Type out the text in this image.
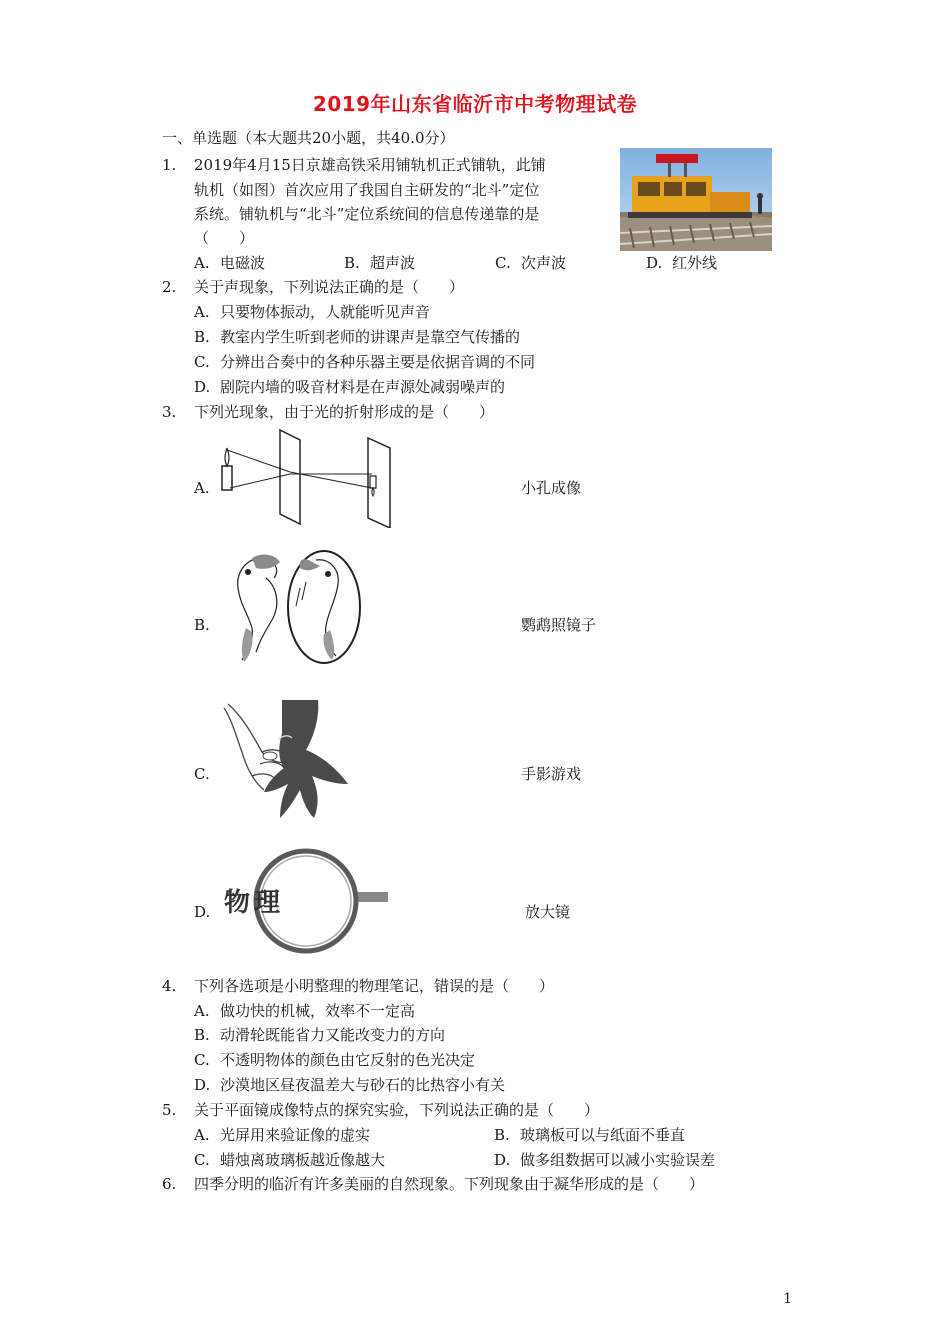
2019年山东省临沂市中考物理试卷
一、单选题（本大题共20小题，共40.0分）
1. 2019年4月15日京雄高铁采用铺轨机正式铺轨，此铺
轨机（如图）首次应用了我国自主研发的“北斗”定位
系统。铺轨机与“北斗”定位系统间的信息传递靠的是
（　　）
A. 电磁波	B. 超声波	C. 次声波	D. 红外线
2. 关于声现象，下列说法正确的是（　　）
A. 只要物体振动，人就能听见声音
B. 教室内学生听到老师的讲课声是靠空气传播的
C. 分辨出合奏中的各种乐器主要是依据音调的不同
D. 剧院内墙的吸音材料是在声源处减弱噪声的
3. 下列光现象，由于光的折射形成的是（　　）
A.	小孔成像
B.	鹦鹉照镜子
C.	手影游戏
D. 物理	放大镜
4. 下列各选项是小明整理的物理笔记，错误的是（　　）
A. 做功快的机械，效率不一定高
B. 动滑轮既能省力又能改变力的方向
C. 不透明物体的颜色由它反射的色光决定
D. 沙漠地区昼夜温差大与砂石的比热容小有关
5. 关于平面镜成像特点的探究实验，下列说法正确的是（　　）
A. 光屏用来验证像的虚实	B. 玻璃板可以与纸面不垂直
C. 蜡烛离玻璃板越近像越大	D. 做多组数据可以减小实验误差
6. 四季分明的临沂有许多美丽的自然现象。下列现象由于凝华形成的是（　　）
1
